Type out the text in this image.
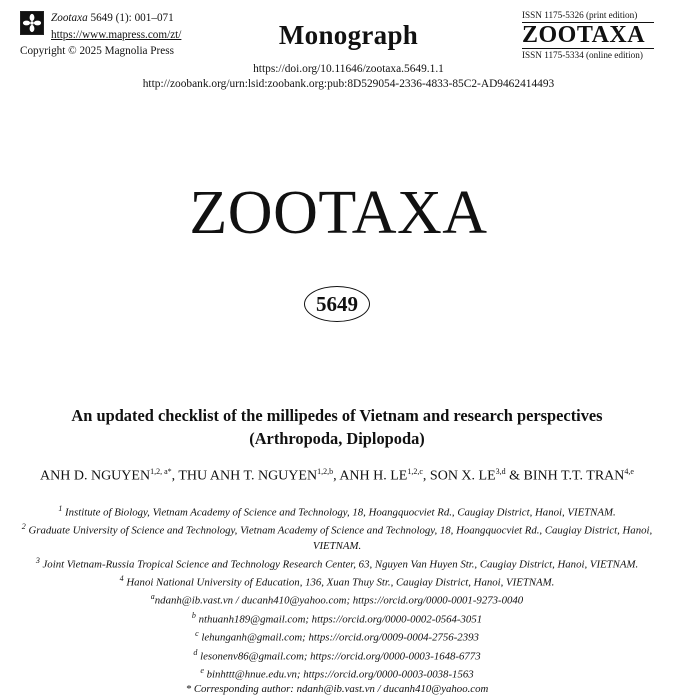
Zootaxa 5649 (1): 001–071
https://www.mapress.com/zt/
Copyright © 2025 Magnolia Press
Monograph
ISSN 1175-5326 (print edition)
ZOOTAXA
ISSN 1175-5334 (online edition)
https://doi.org/10.11646/zootaxa.5649.1.1
http://zoobank.org/urn:lsid:zoobank.org:pub:8D529054-2336-4833-85C2-AD9462414493
ZOOTAXA
5649
An updated checklist of the millipedes of Vietnam and research perspectives
(Arthropoda, Diplopoda)
ANH D. $NGUYEN^{1,2, a*}$, THU ANH T. NGUYEN$^{1,2,b}$, ANH H. LE$^{1,2,c}$, SON X. LE$^{3,d}$ & BINH T.T. TRAN$^{4,e}$
$^1$ Institute of Biology, Vietnam Academy of Science and Technology, 18, Hoangquocviet Rd., Caugiay District, Hanoi, VIETNAM.
$^2$ Graduate University of Science and Technology, Vietnam Academy of Science and Technology, 18, Hoangquocviet Rd., Caugiay District, Hanoi, VIETNAM.
$^3$ Joint Vietnam-Russia Tropical Science and Technology Research Center, 63, Nguyen Van Huyen Str., Caugiay District, Hanoi, VIETNAM.
$^4$ Hanoi National University of Education, 136, Xuan Thuy Str., Caugiay District, Hanoi, VIETNAM.
$^a$ndanh@ib.vast.vn / ducanh410@yahoo.com; https://orcid.org/0000-0001-9273-0040
$^b$ nthuanh189@gmail.com; https://orcid.org/0000-0002-0564-3051
$^c$ lehunganh@gmail.com; https://orcid.org/0009-0004-2756-2393
$^d$ lesonenv86@gmail.com; https://orcid.org/0000-0003-1648-6773
$^e$ binhttt@hnue.edu.vn; https://orcid.org/0000-0003-0038-1563
* Corresponding author: ndanh@ib.vast.vn / ducanh410@yahoo.com
